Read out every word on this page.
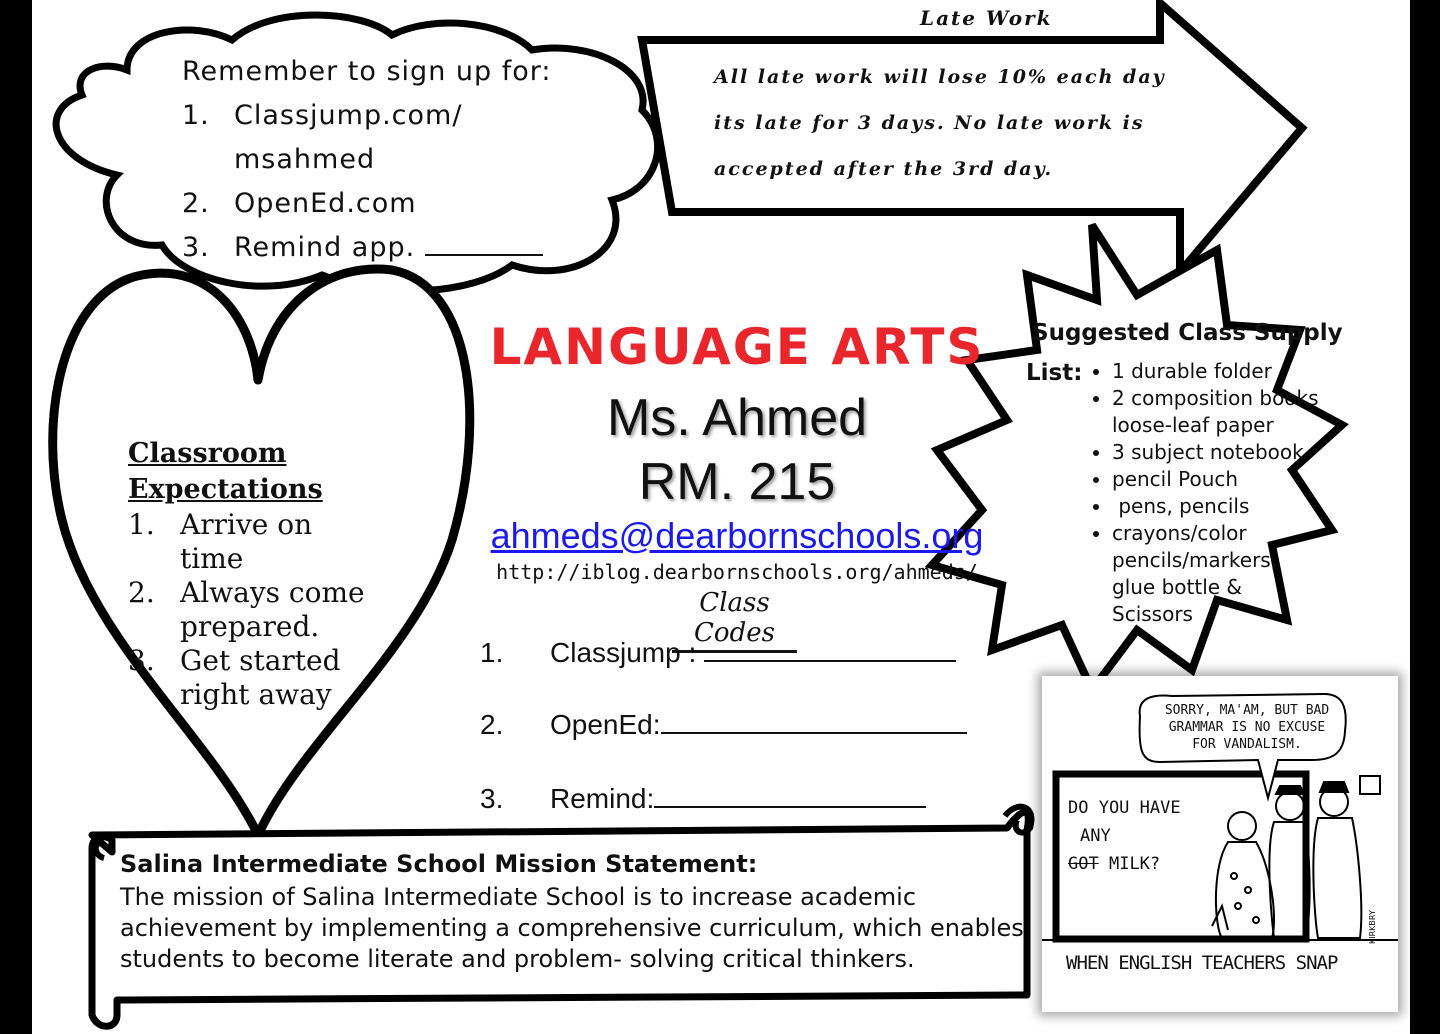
Remember to sign up for:
1. Classjump.com/
msahmed
2. OpenEd.com
3. Remind app.
Late Work
All late work will lose 10% each day
its late for 3 days. No late work is
accepted after the 3rd day.
Classroom
Expectations
1. Arrive on
time
2. Always come
prepared.
3. Get started
right away
LANGUAGE ARTS
Ms. Ahmed
RM. 215
ahmeds@dearbornschools.org
http://iblog.dearbornschools.org/ahmeds/
Class Codes
1. Classjump :
2. OpenEd:
3. Remind:
Suggested Class Supply
List:
• 1 durable folder
• 2 composition books loose-leaf paper
• 3 subject notebook
• pencil Pouch
•  pens, pencils
• crayons/color pencils/markers, glue bottle & Scissors
Salina Intermediate School Mission Statement:
The mission of Salina Intermediate School is to increase academic
achievement by implementing a comprehensive curriculum, which enables
students to become literate and problem- solving critical thinkers.
SORRY, MA'AM, BUT BAD
GRAMMAR IS NO EXCUSE
FOR VANDALISM.
DO YOU HAVE
ANY
GOT MILK?
WHEN ENGLISH TEACHERS SNAP
KIRKBRY
